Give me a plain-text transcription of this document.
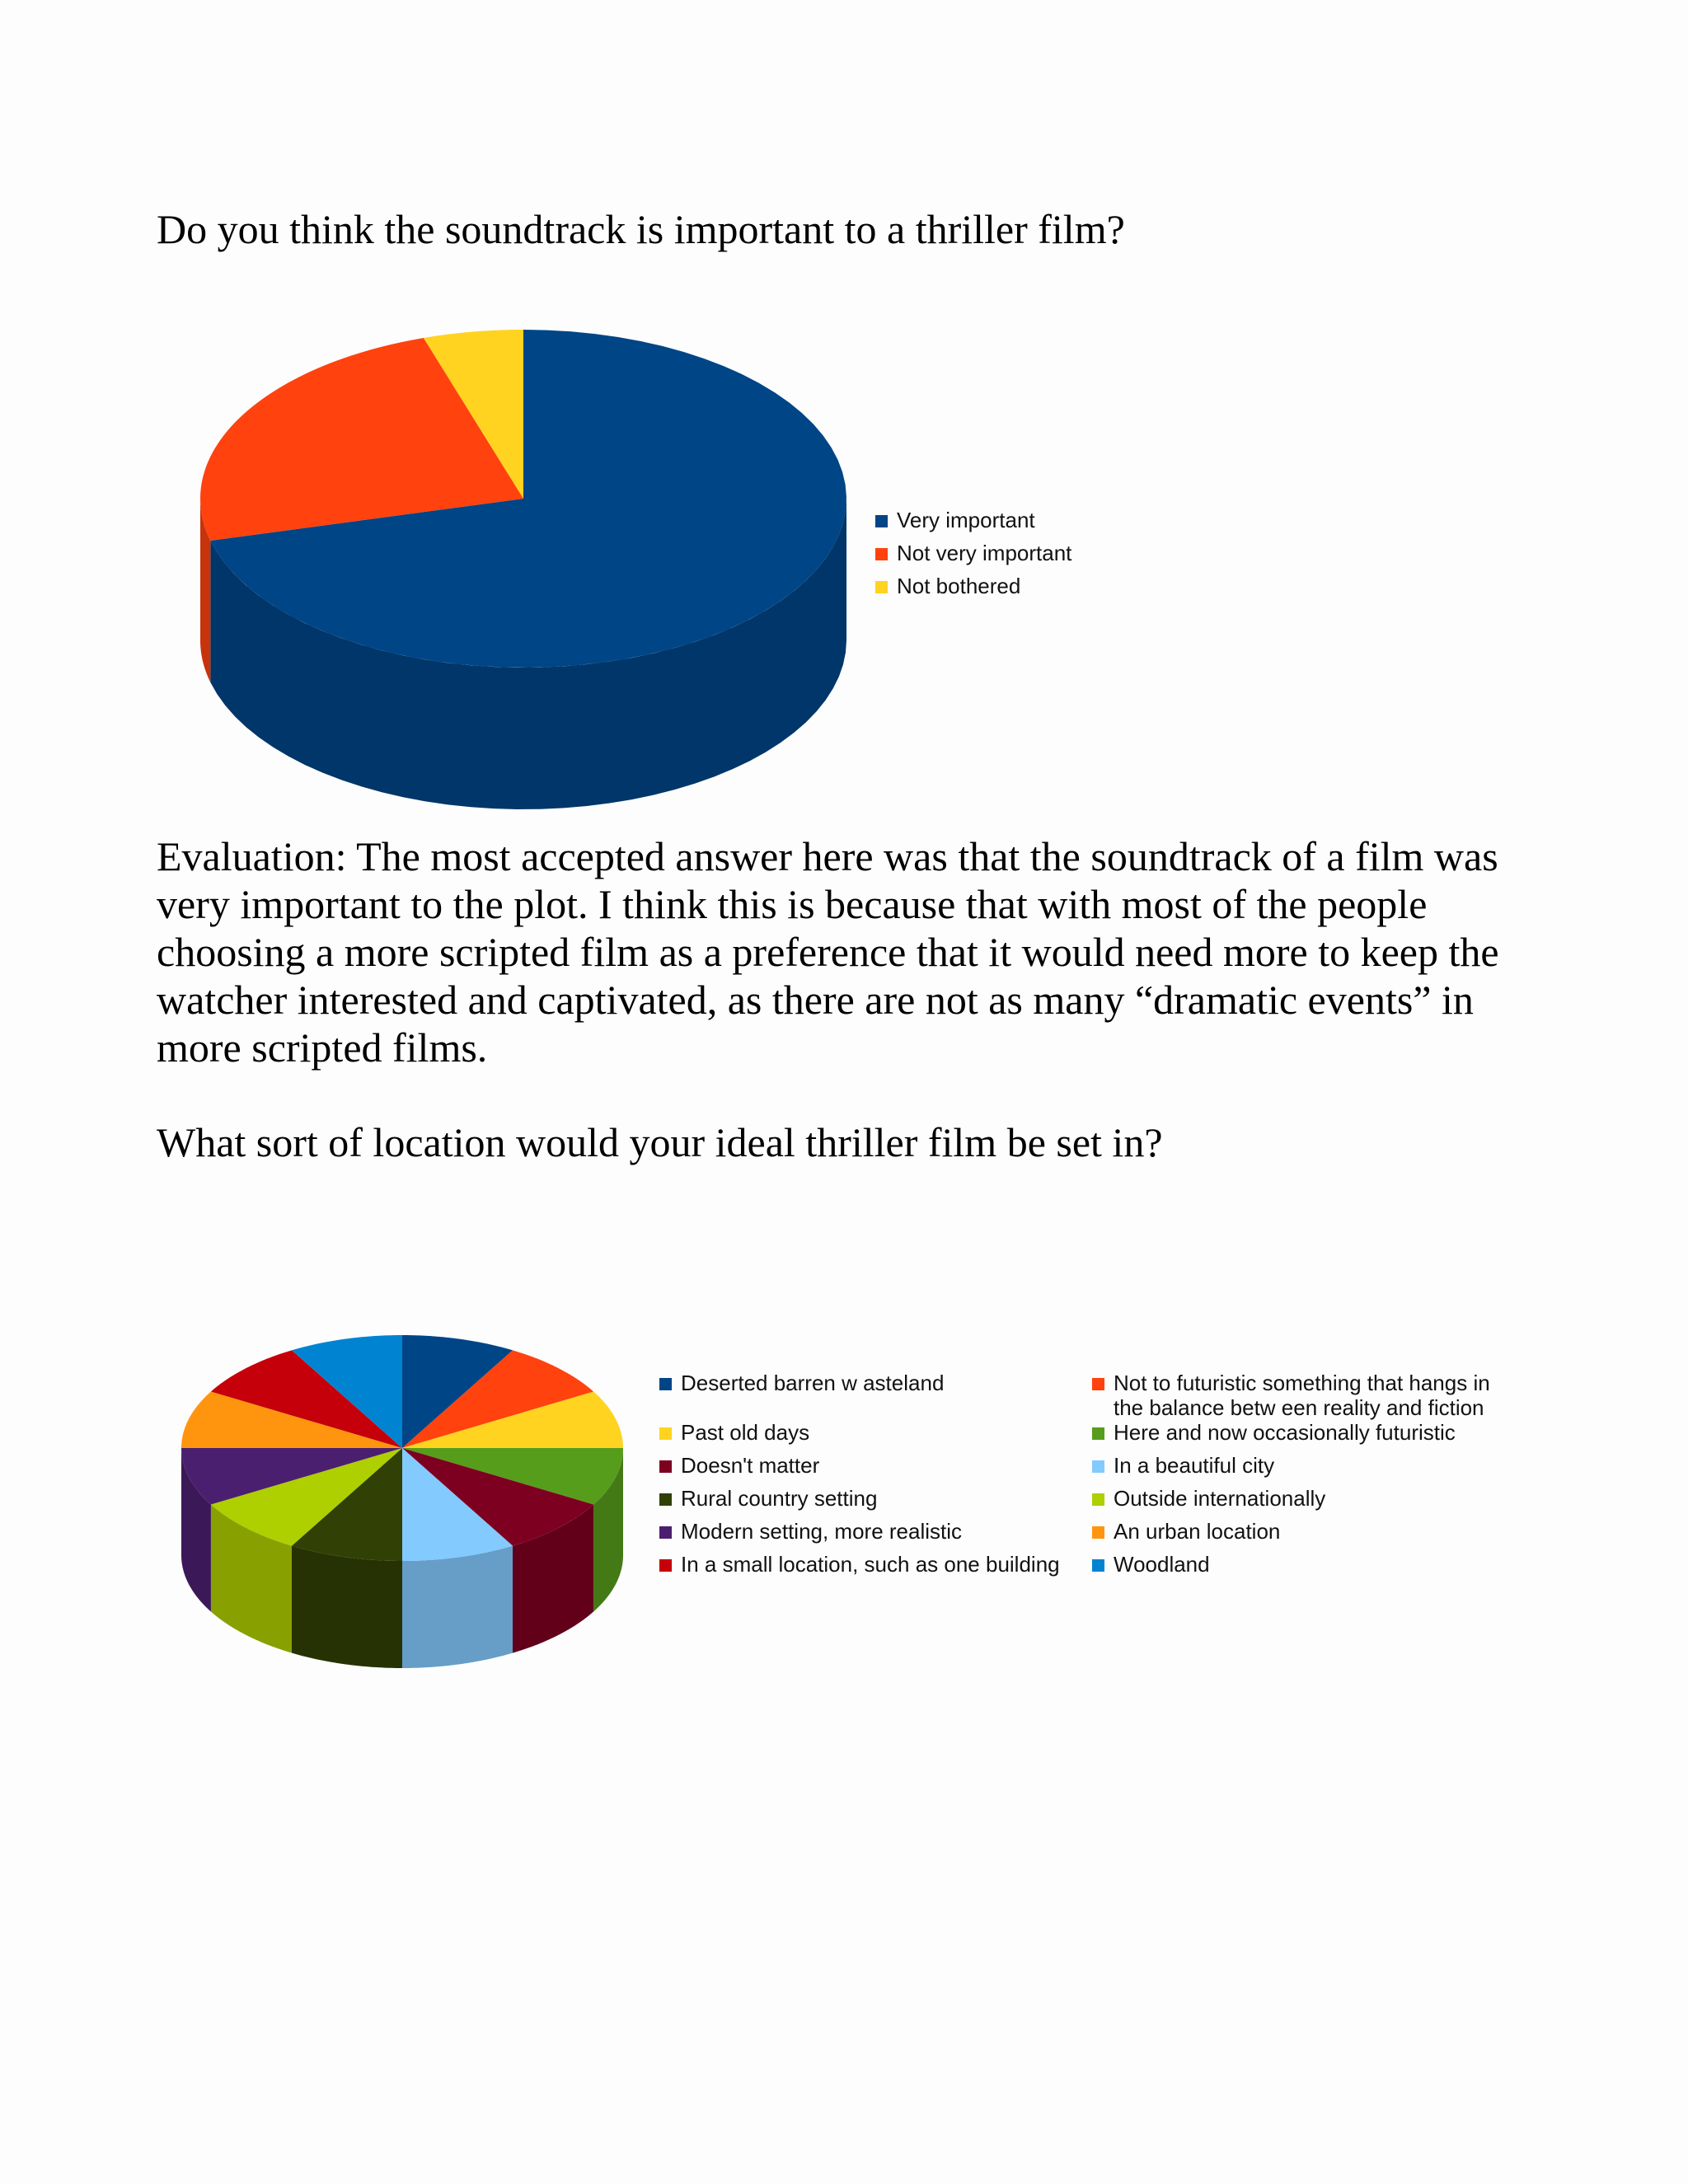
Do you think the soundtrack is important to a thriller film?
Very important
Not very important
Not bothered

Evaluation: The most accepted answer here was that the soundtrack of a film was very important to the plot. I think this is because that with most of the people choosing a more scripted film as a preference that it would need more to keep the watcher interested and captivated, as there are not as many “dramatic events” in more scripted films.

What sort of location would your ideal thriller film be set in?
Deserted barren w asteland	Not to futuristic something that hangs in the balance betw een reality and fiction
Past old days	Here and now occasionally futuristic
Doesn't matter	In a beautiful city
Rural country setting	Outside internationally
Modern setting, more realistic	An urban location
In a small location, such as one building	Woodland
